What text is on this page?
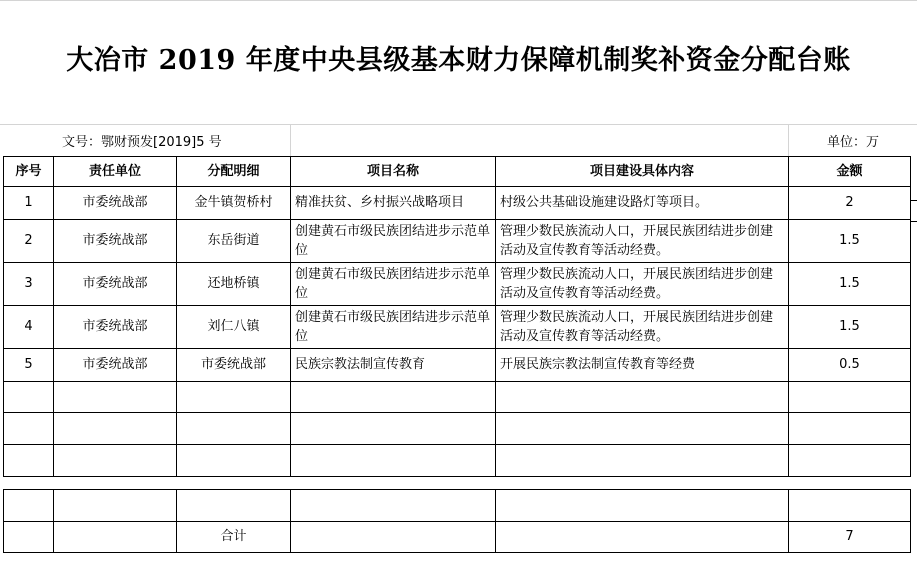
大冶市 2019 年度中央县级基本财力保障机制奖补资金分配台账
文号：鄂财预发[2019]5 号	单位：万
序号	责任单位	分配明细	项目名称	项目建设具体内容	金额
1	市委统战部	金牛镇贺桥村	精准扶贫、乡村振兴战略项目	村级公共基础设施建设路灯等项目。	2
2	市委统战部	东岳街道	创建黄石市级民族团结进步示范单位	管理少数民族流动人口，开展民族团结进步创建活动及宣传教育等活动经费。	1.5
3	市委统战部	还地桥镇	创建黄石市级民族团结进步示范单位	管理少数民族流动人口，开展民族团结进步创建活动及宣传教育等活动经费。	1.5
4	市委统战部	刘仁八镇	创建黄石市级民族团结进步示范单位	管理少数民族流动人口，开展民族团结进步创建活动及宣传教育等活动经费。	1.5
5	市委统战部	市委统战部	民族宗教法制宣传教育	开展民族宗教法制宣传教育等经费	0.5

		合计			7
